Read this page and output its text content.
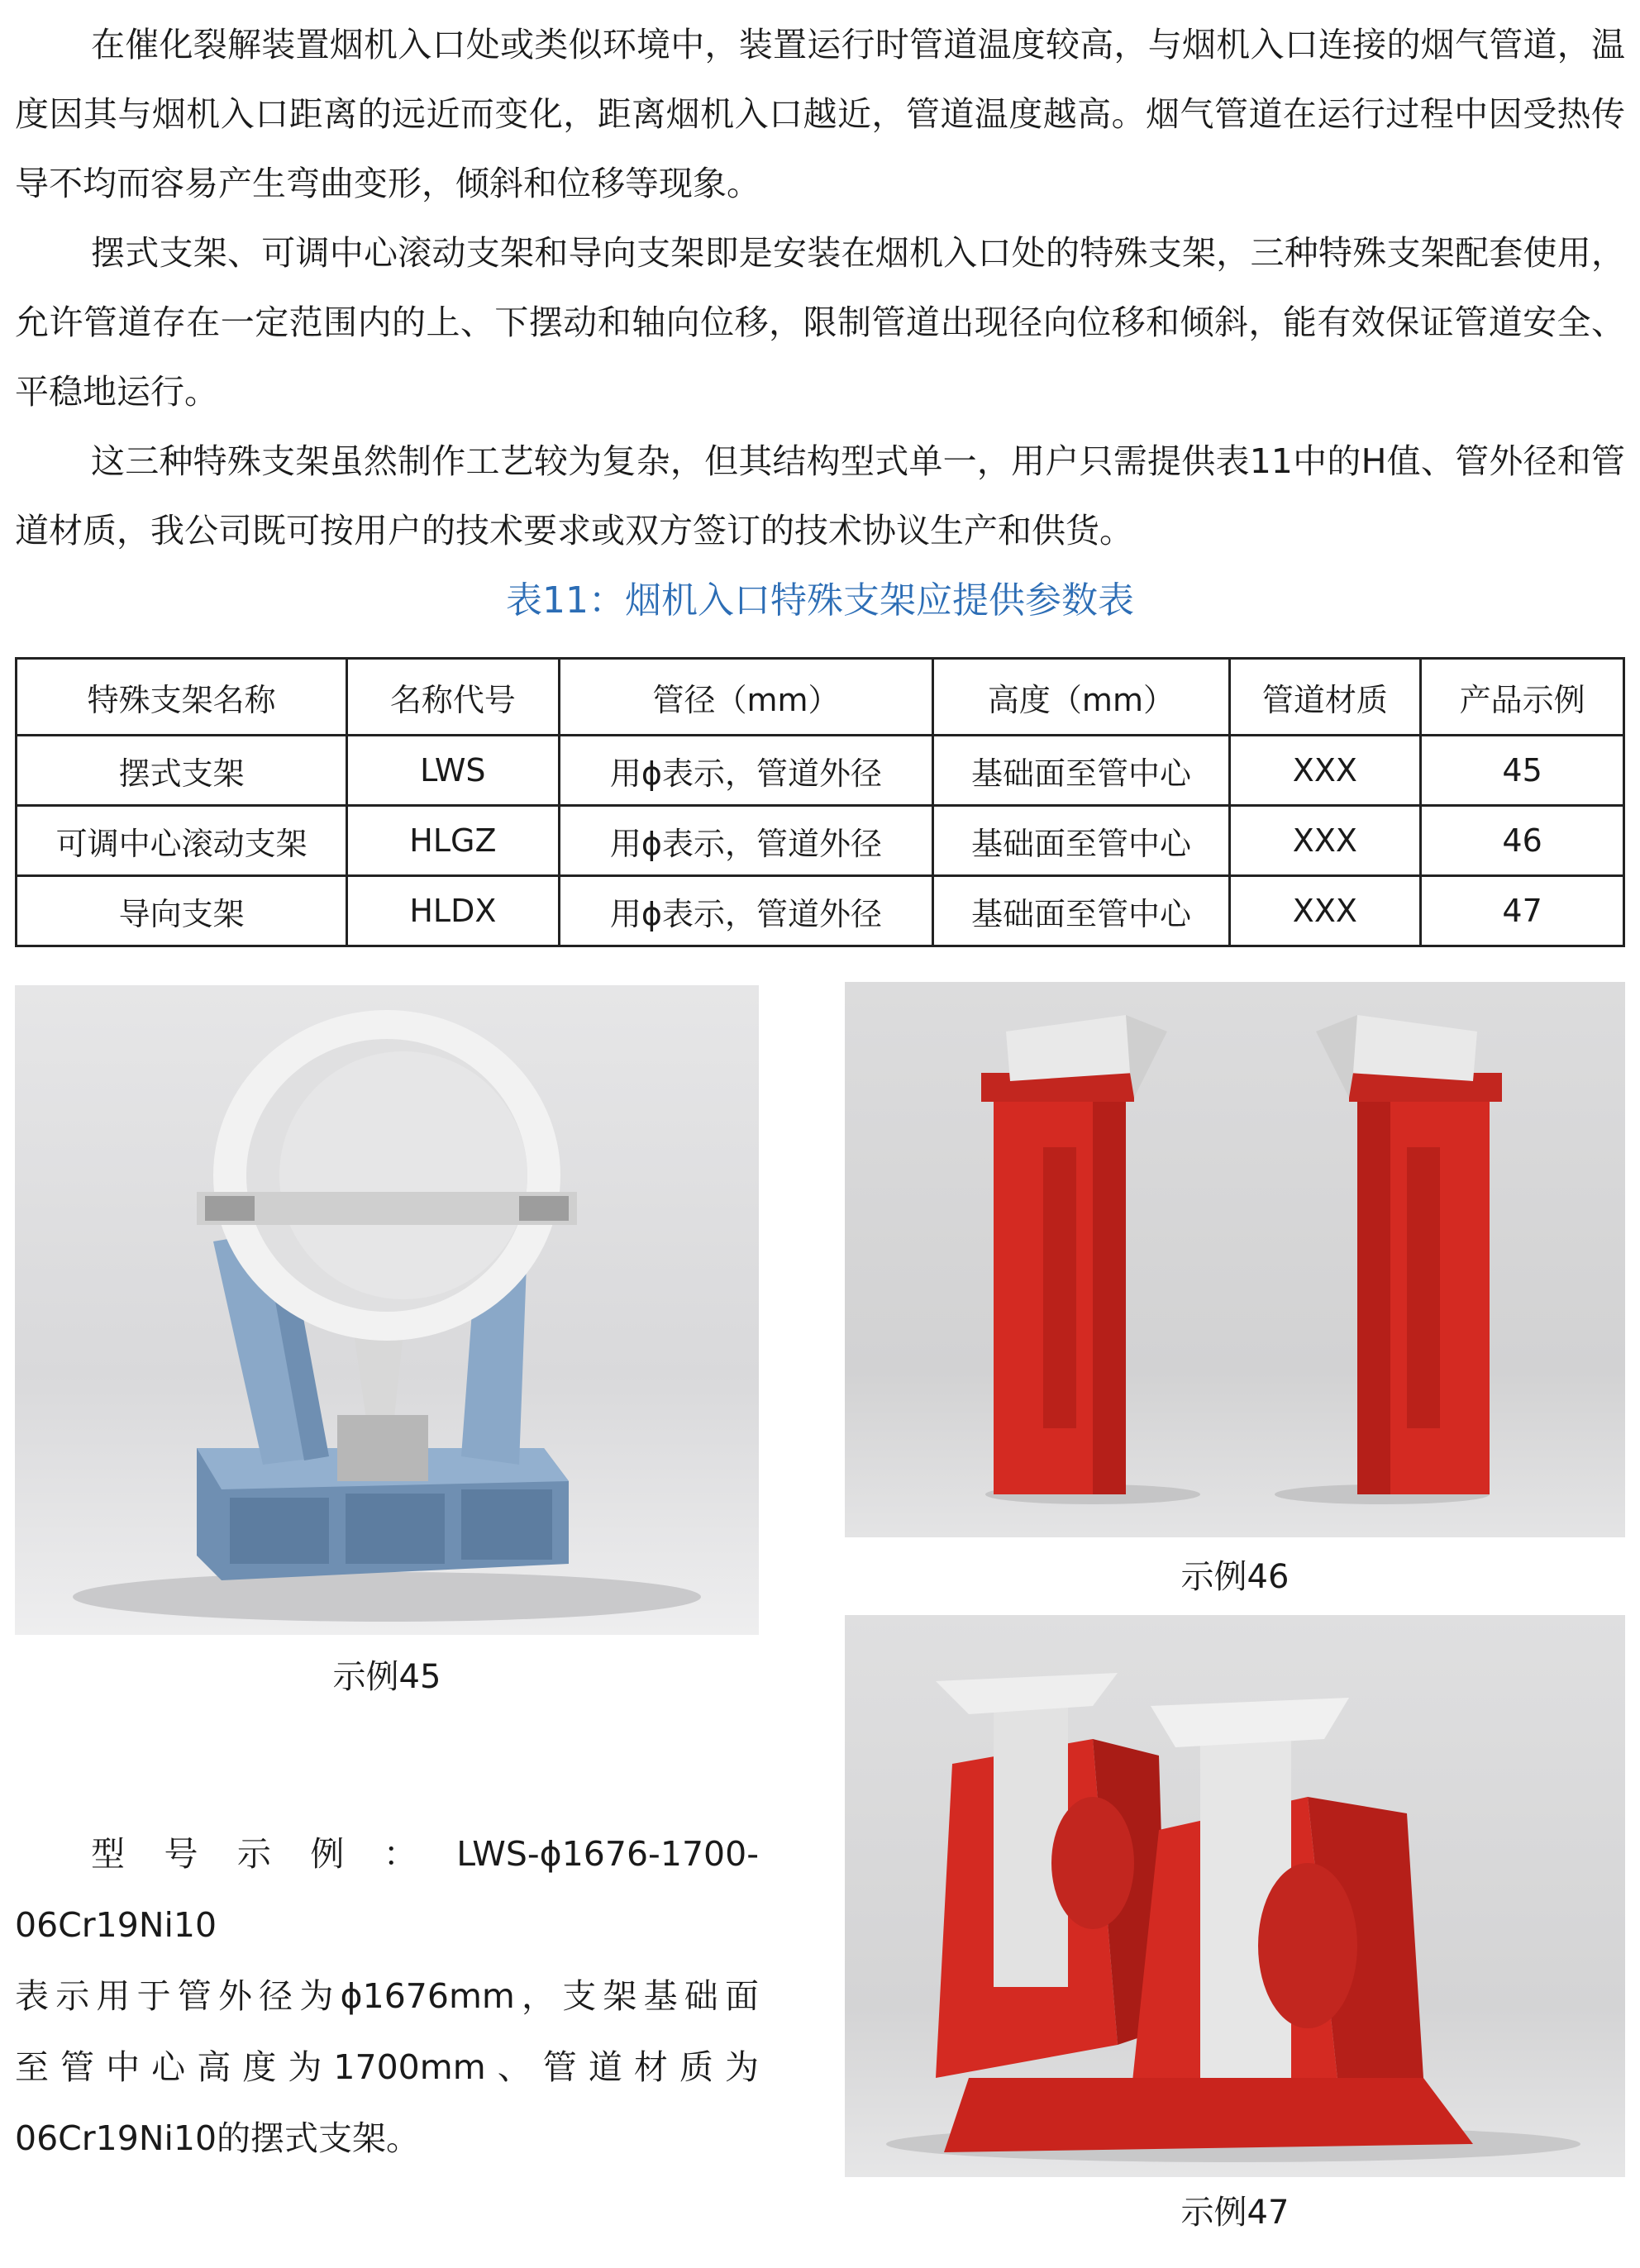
在催化裂解装置烟机入口处或类似环境中，装置运行时管道温度较高，与烟机入口连接的烟气管道，温度因其与烟机入口距离的远近而变化，距离烟机入口越近，管道温度越高。烟气管道在运行过程中因受热传导不均而容易产生弯曲变形，倾斜和位移等现象。

摆式支架、可调中心滚动支架和导向支架即是安装在烟机入口处的特殊支架，三种特殊支架配套使用，允许管道存在一定范围内的上、下摆动和轴向位移，限制管道出现径向位移和倾斜，能有效保证管道安全、平稳地运行。

这三种特殊支架虽然制作工艺较为复杂，但其结构型式单一，用户只需提供表11中的H值、管外径和管道材质，我公司既可按用户的技术要求或双方签订的技术协议生产和供货。

表11：烟机入口特殊支架应提供参数表

特殊支架名称	名称代号	管径（mm）	高度（mm）	管道材质	产品示例
摆式支架	LWS	用ϕ表示，管道外径	基础面至管中心	XXX	45
可调中心滚动支架	HLGZ	用ϕ表示，管道外径	基础面至管中心	XXX	46
导向支架	HLDX	用ϕ表示，管道外径	基础面至管中心	XXX	47

示例45

示例46

示例47

型号示例：LWS-ϕ1676-1700-06Cr19Ni10
表示用于管外径为ϕ1676mm，支架基础面
至管中心高度为1700mm、管道材质为
06Cr19Ni10的摆式支架。
